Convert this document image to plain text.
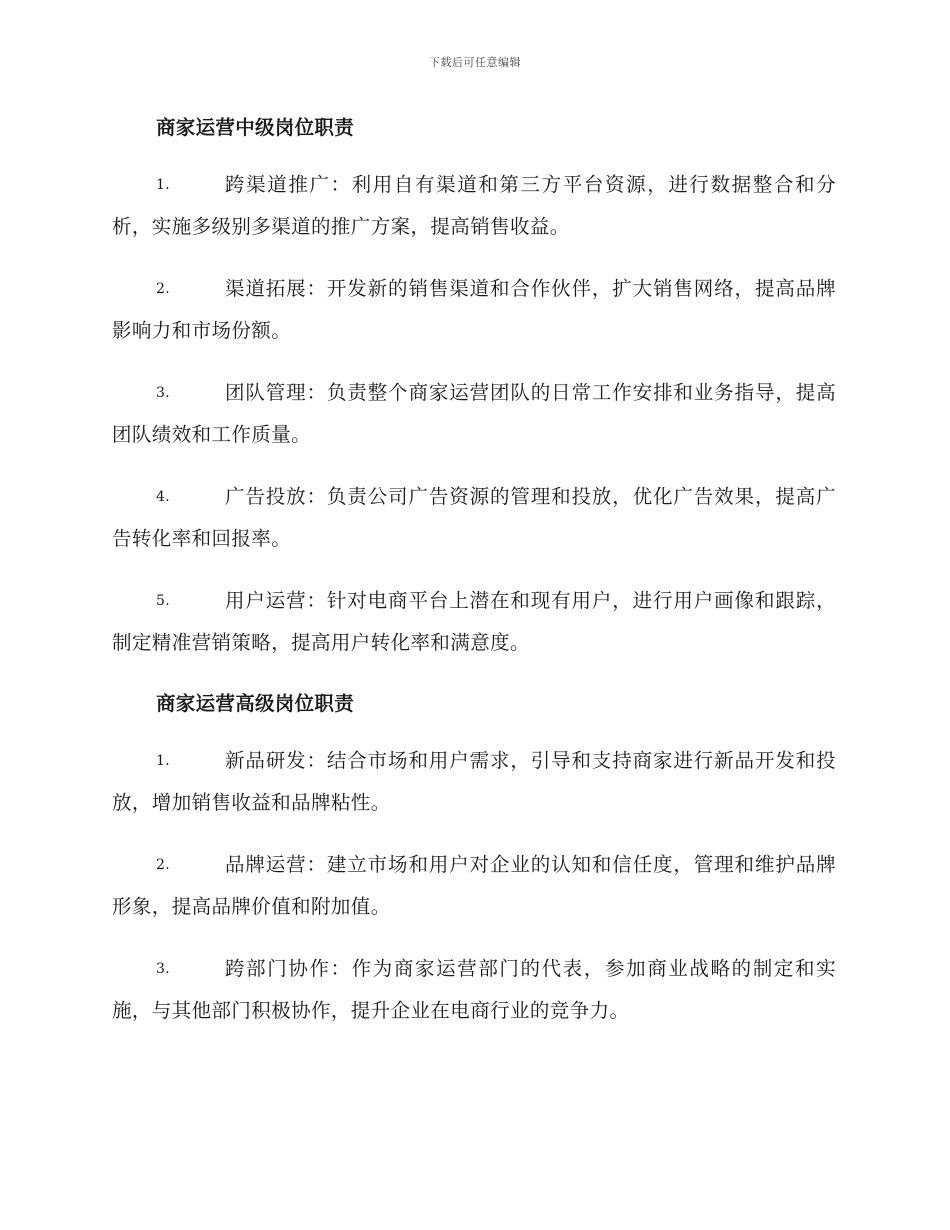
下载后可任意编辑
商家运营中级岗位职责
1.	跨渠道推广：利用自有渠道和第三方平台资源，进行数据整合和分析，实施多级别多渠道的推广方案，提高销售收益。
2.	渠道拓展：开发新的销售渠道和合作伙伴，扩大销售网络，提高品牌影响力和市场份额。
3.	团队管理：负责整个商家运营团队的日常工作安排和业务指导，提高团队绩效和工作质量。
4.	广告投放：负责公司广告资源的管理和投放，优化广告效果，提高广告转化率和回报率。
5.	用户运营：针对电商平台上潜在和现有用户，进行用户画像和跟踪，制定精准营销策略，提高用户转化率和满意度。
商家运营高级岗位职责
1.	新品研发：结合市场和用户需求，引导和支持商家进行新品开发和投放，增加销售收益和品牌粘性。
2.	品牌运营：建立市场和用户对企业的认知和信任度，管理和维护品牌形象，提高品牌价值和附加值。
3.	跨部门协作：作为商家运营部门的代表，参加商业战略的制定和实施，与其他部门积极协作，提升企业在电商行业的竞争力。
